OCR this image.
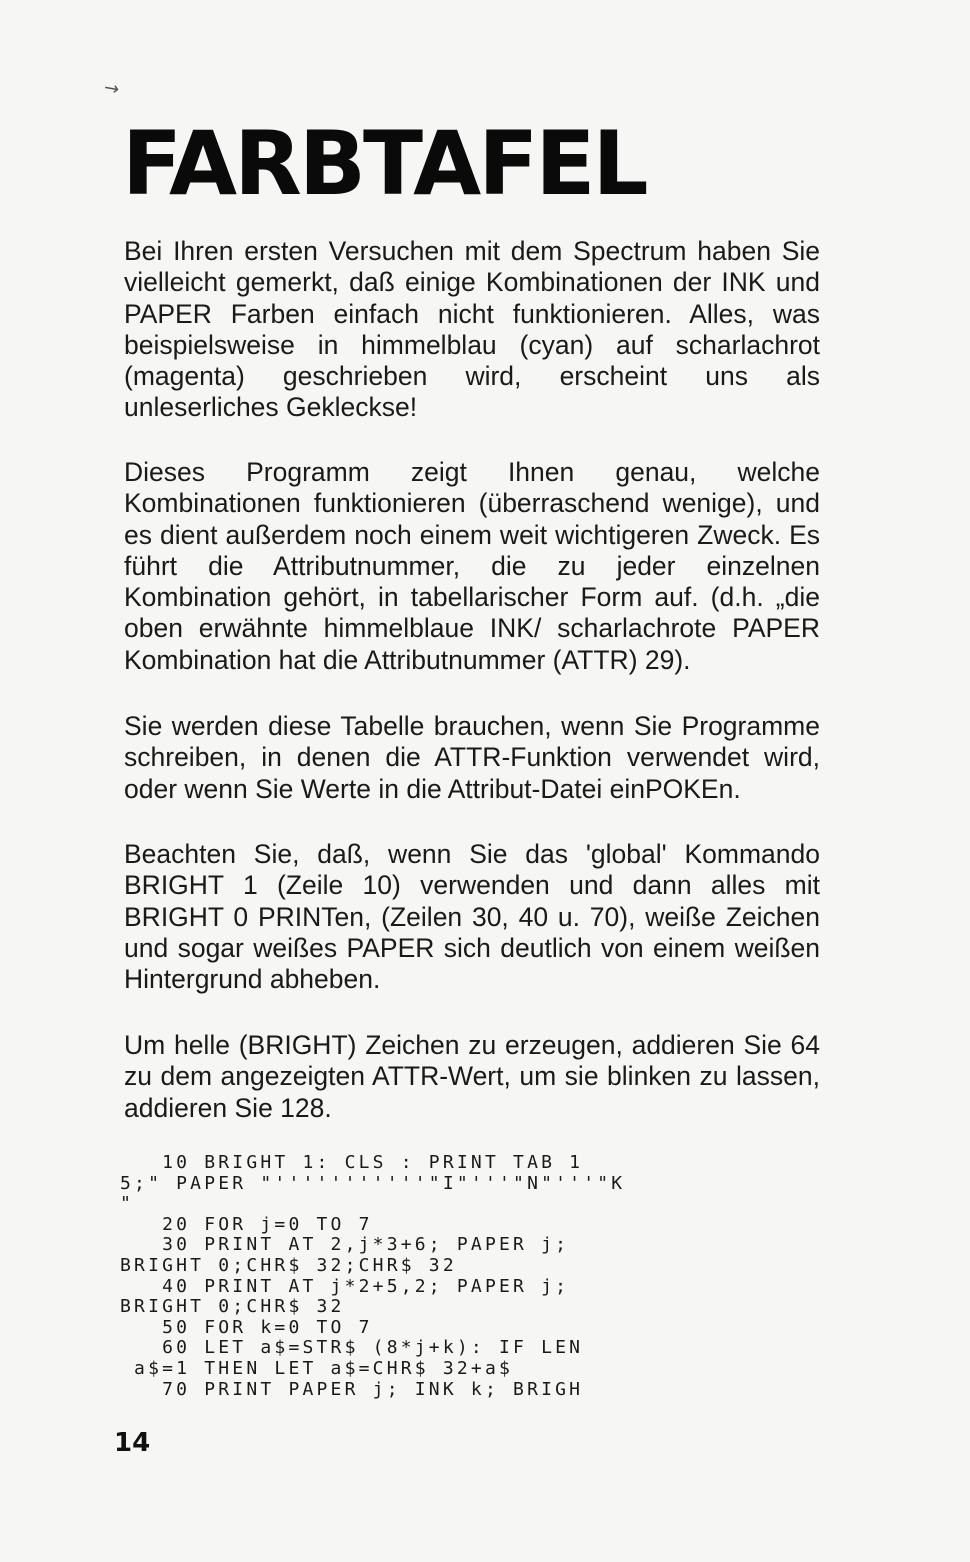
↘
FARBTAFEL

Bei Ihren ersten Versuchen mit dem Spectrum haben Sie vielleicht gemerkt, daß einige Kombinationen der INK und PAPER Farben einfach nicht funktionieren. Alles, was beispielsweise in himmelblau (cyan) auf scharlachrot (magenta) geschrieben wird, erscheint uns als unleserliches Gekleckse!

Dieses Programm zeigt Ihnen genau, welche Kombinationen funktionieren (überraschend wenige), und es dient außerdem noch einem weit wichtigeren Zweck. Es führt die Attributnummer, die zu jeder einzelnen Kombination gehört, in tabellarischer Form auf. (d.h. „die oben erwähnte himmelblaue INK/ scharlachrote PAPER Kombination hat die Attributnummer (ATTR) 29).

Sie werden diese Tabelle brauchen, wenn Sie Programme schreiben, in denen die ATTR-Funktion verwendet wird, oder wenn Sie Werte in die Attribut-Datei einPOKEn.

Beachten Sie, daß, wenn Sie das 'global' Kommando BRIGHT 1 (Zeile 10) verwenden und dann alles mit BRIGHT 0 PRINTen, (Zeilen 30, 40 u. 70), weiße Zeichen und sogar weißes PAPER sich deutlich von einem weißen Hintergrund abheben.

Um helle (BRIGHT) Zeichen zu erzeugen, addieren Sie 64 zu dem angezeigten ATTR-Wert, um sie blinken zu lassen, addieren Sie 128.

10 BRIGHT 1: CLS : PRINT TAB 1
5;" PAPER "'''''''''''"I"'''"N"'''"K
"
20 FOR j=0 TO 7
30 PRINT AT 2,j*3+6; PAPER j;
BRIGHT 0;CHR$ 32;CHR$ 32
40 PRINT AT j*2+5,2; PAPER j;
BRIGHT 0;CHR$ 32
50 FOR k=0 TO 7
60 LET a$=STR$ (8*j+k): IF LEN
a$=1 THEN LET a$=CHR$ 32+a$
70 PRINT PAPER j; INK k; BRIGH
14
